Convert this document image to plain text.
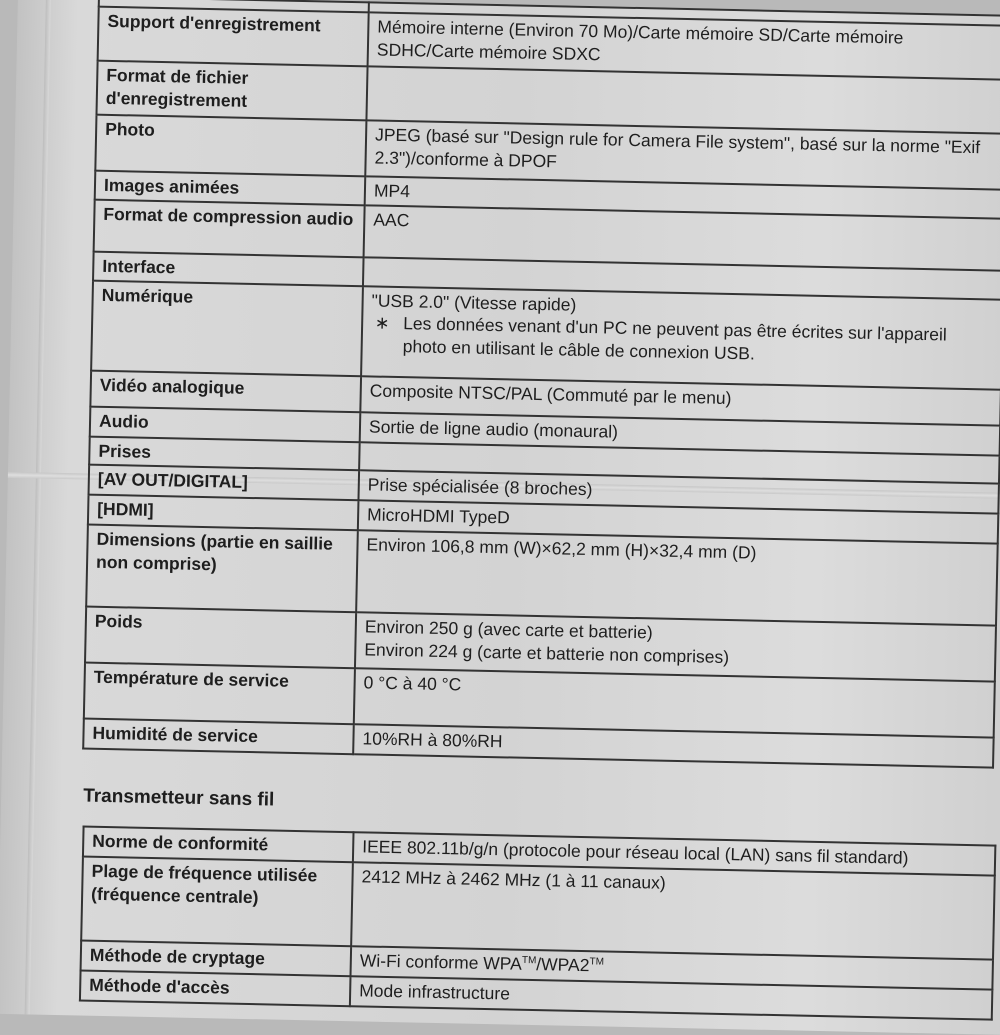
Support d'enregistrement	Mémoire interne (Environ 70 Mo)/Carte mémoire SD/Carte mémoire SDHC/Carte mémoire SDXC
Format de fichier d'enregistrement	
Photo	JPEG (basé sur "Design rule for Camera File system", basé sur la norme "Exif 2.3")/conforme à DPOF
Images animées	MP4
Format de compression audio	AAC
Interface	
Numérique	"USB 2.0" (Vitesse rapide)
∗ Les données venant d'un PC ne peuvent pas être écrites sur l'appareil photo en utilisant le câble de connexion USB.

Vidéo analogique	Composite NTSC/PAL (Commuté par le menu)
Audio	Sortie de ligne audio (monaural)
Prises	
[AV OUT/DIGITAL]	Prise spécialisée (8 broches)
[HDMI]	MicroHDMI TypeD
Dimensions (partie en saillie non comprise)	Environ 106,8 mm (W)×62,2 mm (H)×32,4 mm (D)
Poids	Environ 250 g (avec carte et batterie)
Environ 224 g (carte et batterie non comprises)

Température de service	0 °C à 40 °C
Humidité de service	10%RH à 80%RH
Transmetteur sans fil
Norme de conformité	IEEE 802.11b/g/n (protocole pour réseau local (LAN) sans fil standard)
Plage de fréquence utilisée (fréquence centrale)	2412 MHz à 2462 MHz (1 à 11 canaux)
Méthode de cryptage	Wi-Fi conforme WPA™/WPA2™
Méthode d'accès	Mode infrastructure
